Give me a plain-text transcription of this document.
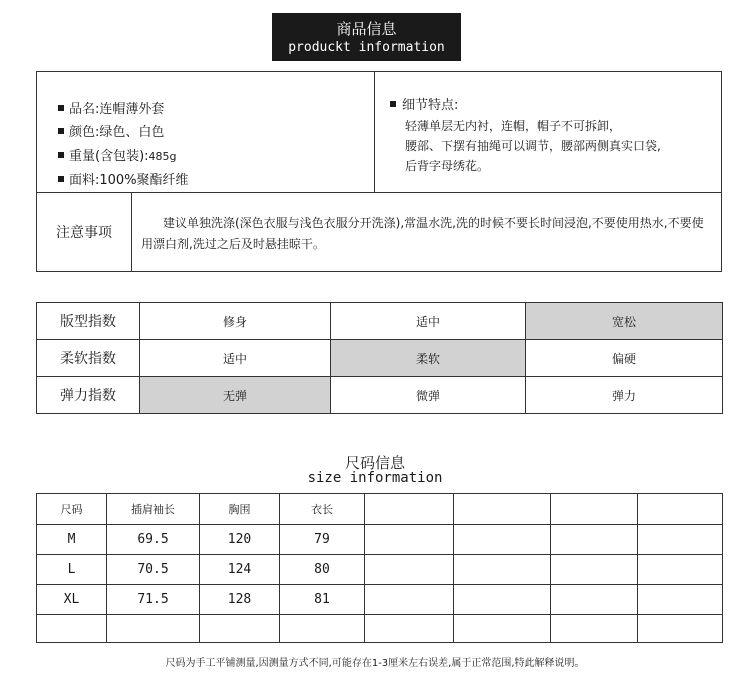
商品信息
produckt information
品名:连帽薄外套
颜色:绿色、白色
重量(含包装):485g
面料:100%聚酯纤维
细节特点:
轻薄单层无内衬，连帽，帽子不可拆卸，
腰部、下摆有抽绳可以调节，腰部两侧真实口袋,
后背字母绣花。
注意事项
建议单独洗涤(深色衣服与浅色衣服分开洗涤),常温水洗,洗的时候不要长时间浸泡,不要使用热水,不要使用漂白剂,洗过之后及时悬挂晾干。
版型指数	修身	适中	宽松
柔软指数	适中	柔软	偏硬
弹力指数	无弹	微弹	弹力
尺码信息
size information
尺码	插肩袖长	胸围	衣长				
M	69.5	120	79				
L	70.5	124	80				
XL	71.5	128	81				

尺码为手工平铺测量,因测量方式不同,可能存在1-3厘米左右误差,属于正常范围,特此解释说明。
